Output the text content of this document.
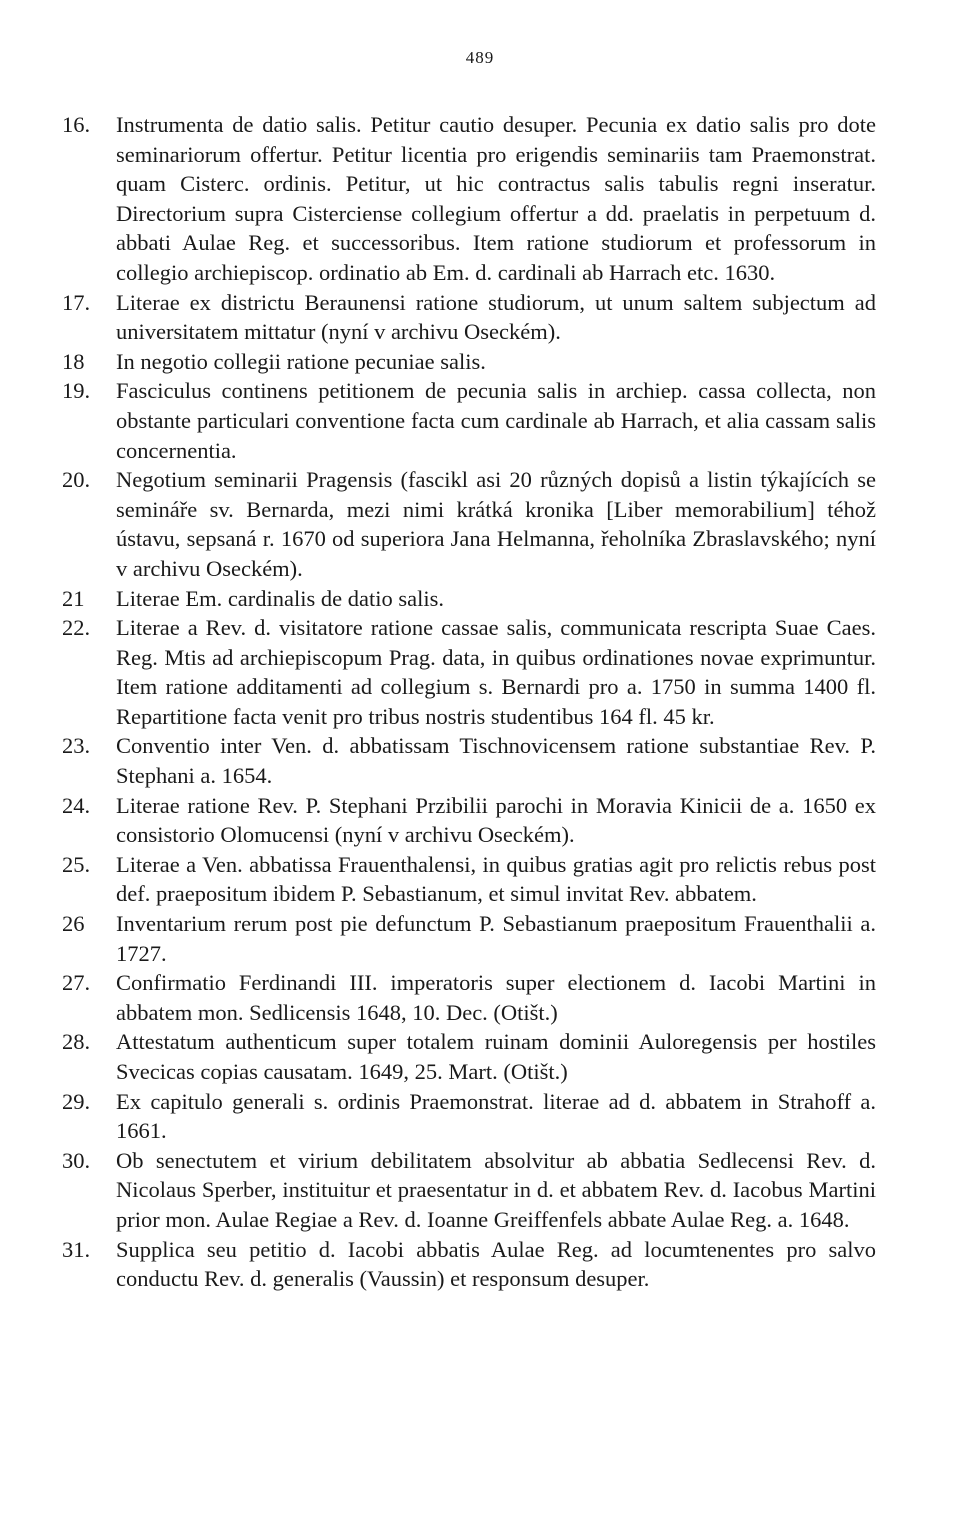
489
16.	Instrumenta de datio salis. Petitur cautio desuper. Pecunia ex datio salis pro dote seminariorum offertur. Petitur licentia pro erigendis seminariis tam Praemonstrat. quam Cisterc. ordinis. Petitur, ut hic contractus salis tabulis regni inseratur. Directorium supra Cisterciense collegium offertur a dd. praelatis in perpetuum d. abbati Aulae Reg. et successoribus. Item ratione studiorum et professorum in collegio archiepiscop. ordinatio ab Em. d. cardinali ab Harrach etc. 1630.
17.	Literae ex districtu Beraunensi ratione studiorum, ut unum saltem subjectum ad universitatem mittatur (nyní v archivu Oseckém).
18	In negotio collegii ratione pecuniae salis.
19.	Fasciculus continens petitionem de pecunia salis in archiep. cassa collecta, non obstante particulari conventione facta cum cardinale ab Harrach, et alia cassam salis concernentia.
20.	Negotium seminarii Pragensis (fascikl asi 20 různých dopisů a listin týkajících se semináře sv. Bernarda, mezi nimi krátká kronika [Liber memorabilium] téhož ústavu, sepsaná r. 1670 od superiora Jana Helmanna, řeholníka Zbraslavského; nyní v archivu Oseckém).
21	Literae Em. cardinalis de datio salis.
22.	Literae a Rev. d. visitatore ratione cassae salis, communicata rescripta Suae Caes. Reg. Mtis ad archiepiscopum Prag. data, in quibus ordinationes novae exprimuntur. Item ratione additamenti ad collegium s. Bernardi pro a. 1750 in summa 1400 fl. Repartitione facta venit pro tribus nostris studentibus 164 fl. 45 kr.
23.	Conventio inter Ven. d. abbatissam Tischnovicensem ratione substantiae Rev. P. Stephani a. 1654.
24.	Literae ratione Rev. P. Stephani Przibilii parochi in Moravia Kinicii de a. 1650 ex consistorio Olomucensi (nyní v archivu Oseckém).
25.	Literae a Ven. abbatissa Frauenthalensi, in quibus gratias agit pro relictis rebus post def. praepositum ibidem P. Sebastianum, et simul invitat Rev. abbatem.
26	Inventarium rerum post pie defunctum P. Sebastianum praepositum Frauenthalii a. 1727.
27.	Confirmatio Ferdinandi III. imperatoris super electionem d. Iacobi Martini in abbatem mon. Sedlicensis 1648, 10. Dec. (Otišt.)
28.	Attestatum authenticum super totalem ruinam dominii Auloregensis per hostiles Svecicas copias causatam. 1649, 25. Mart. (Otišt.)
29.	Ex capitulo generali s. ordinis Praemonstrat. literae ad d. abbatem in Strahoff a. 1661.
30.	Ob senectutem et virium debilitatem absolvitur ab abbatia Sedlecensi Rev. d. Nicolaus Sperber, instituitur et praesentatur in d. et abbatem Rev. d. Iacobus Martini prior mon. Aulae Regiae a Rev. d. Ioanne Greiffenfels abbate Aulae Reg. a. 1648.
31.	Supplica seu petitio d. Iacobi abbatis Aulae Reg. ad locumtenentes pro salvo conductu Rev. d. generalis (Vaussin) et responsum desuper.
